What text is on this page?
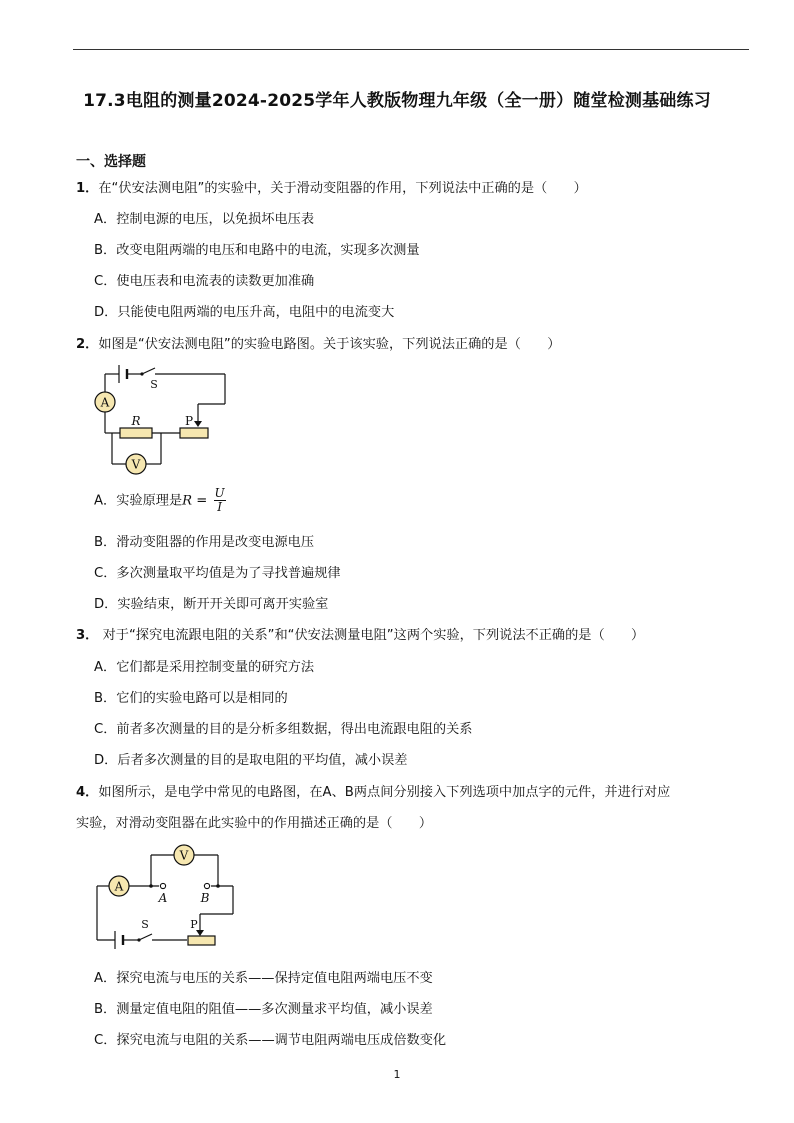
17.3电阻的测量2024-2025学年人教版物理九年级（全一册）随堂检测基础练习
一、选择题
1．在“伏安法测电阻”的实验中，关于滑动变阻器的作用，下列说法中正确的是（　　）
A．控制电源的电压，以免损坏电压表
B．改变电阻两端的电压和电路中的电流，实现多次测量
C．使电压表和电流表的读数更加准确
D．只能使电阻两端的电压升高，电阻中的电流变大
2．如图是“伏安法测电阻”的实验电路图。关于该实验，下列说法正确的是（　　）
A
R	P
S
V
A．实验原理是$R = \frac{U}{I}$
B．滑动变阻器的作用是改变电源电压
C．多次测量取平均值是为了寻找普遍规律
D．实验结束，断开开关即可离开实验室
3． 对于“探究电流跟电阻的关系”和“伏安法测量电阻”这两个实验，下列说法不正确的是（　　）
A．它们都是采用控制变量的研究方法
B．它们的实验电路可以是相同的
C．前者多次测量的目的是分析多组数据，得出电流跟电阻的关系
D．后者多次测量的目的是取电阻的平均值，减小误差
4．如图所示，是电学中常见的电路图，在A、B两点间分别接入下列选项中加点字的元件，并进行对应
实验，对滑动变阻器在此实验中的作用描述正确的是（　　）
A
V
A	B
S	P
A．探究电流与电压的关系——保持定值电阻两端电压不变
B．测量定值电阻的阻值——多次测量求平均值，减小误差
C．探究电流与电阻的关系——调节电阻两端电压成倍数变化
1
